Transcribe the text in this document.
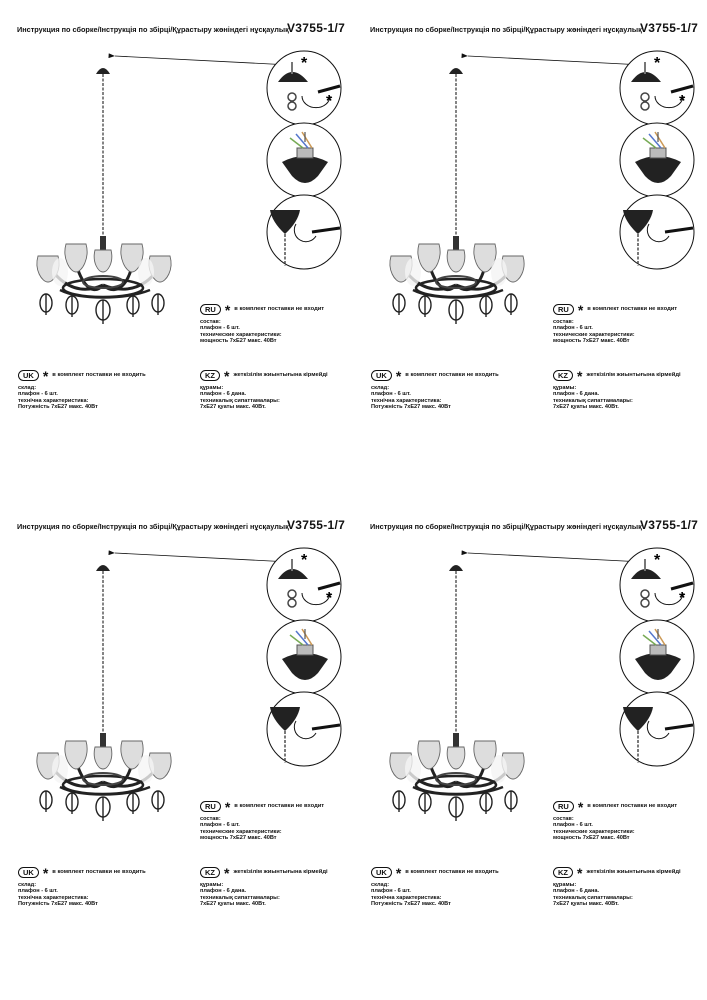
Инструкция по сборке/Інструкція по збірці/Құрастыру жөніндегі нұсқаулық
V3755-1/7
*
*
RU * в комплект поставки не входит
состав:
плафон - 6 шт.
технические характеристики:
мощность 7хЕ27 макс. 40Вт
UK * в комплект поставки не входить
склад:
плафон - 6 шт.
технічна характеристика:
Потужність 7хЕ27 макс. 40Вт
KZ * жеткізілім жиынтығына кірмейді
құрамы:
плафон - 6 дана.
техникалық сипаттамалары:
7хЕ27 қуаты макс. 40Вт.
Инструкция по сборке/Інструкція по збірці/Құрастыру жөніндегі нұсқаулық
V3755-1/7
*
*
RU * в комплект поставки не входит
состав:
плафон - 6 шт.
технические характеристики:
мощность 7хЕ27 макс. 40Вт
UK * в комплект поставки не входить
склад:
плафон - 6 шт.
технічна характеристика:
Потужність 7хЕ27 макс. 40Вт
KZ * жеткізілім жиынтығына кірмейді
құрамы:
плафон - 6 дана.
техникалық сипаттамалары:
7хЕ27 қуаты макс. 40Вт.
Инструкция по сборке/Інструкція по збірці/Құрастыру жөніндегі нұсқаулық
V3755-1/7
*
*
RU * в комплект поставки не входит
состав:
плафон - 6 шт.
технические характеристики:
мощность 7хЕ27 макс. 40Вт
UK * в комплект поставки не входить
склад:
плафон - 6 шт.
технічна характеристика:
Потужність 7хЕ27 макс. 40Вт
KZ * жеткізілім жиынтығына кірмейді
құрамы:
плафон - 6 дана.
техникалық сипаттамалары:
7хЕ27 қуаты макс. 40Вт.
Инструкция по сборке/Інструкція по збірці/Құрастыру жөніндегі нұсқаулық
V3755-1/7
*
*
RU * в комплект поставки не входит
состав:
плафон - 6 шт.
технические характеристики:
мощность 7хЕ27 макс. 40Вт
UK * в комплект поставки не входить
склад:
плафон - 6 шт.
технічна характеристика:
Потужність 7хЕ27 макс. 40Вт
KZ * жеткізілім жиынтығына кірмейді
құрамы:
плафон - 6 дана.
техникалық сипаттамалары:
7хЕ27 қуаты макс. 40Вт.
